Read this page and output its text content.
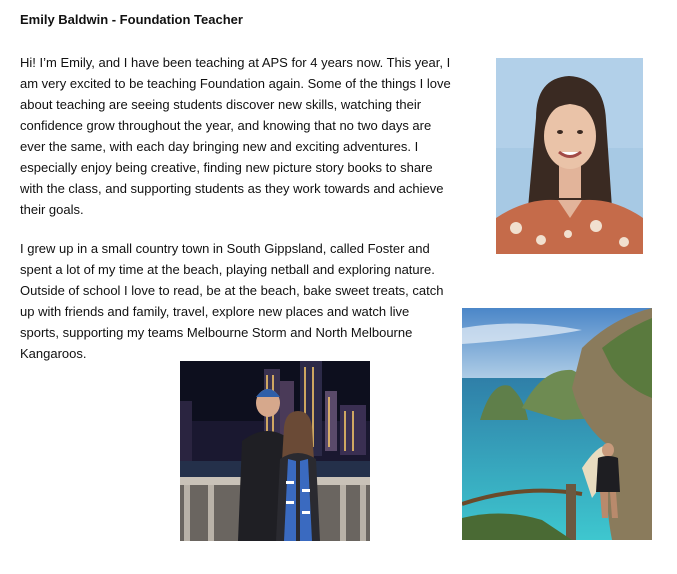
Emily Baldwin - Foundation Teacher

Hi! I’m Emily, and I have been teaching at APS for 4 years now. This year, I
am very excited to be teaching Foundation again. Some of the things I love
about teaching are seeing students discover new skills, watching their
confidence grow throughout the year, and knowing that no two days are
ever the same, with each day bringing new and exciting adventures. I
especially enjoy being creative, finding new picture story books to share
with the class, and supporting students as they work towards and achieve
their goals.

I grew up in a small country town in South Gippsland, called Foster and
spent a lot of my time at the beach, playing netball and exploring nature.
Outside of school I love to read, be at the beach, bake sweet treats, catch
up with friends and family, travel, explore new places and watch live
sports, supporting my teams Melbourne Storm and North Melbourne
Kangaroos.
